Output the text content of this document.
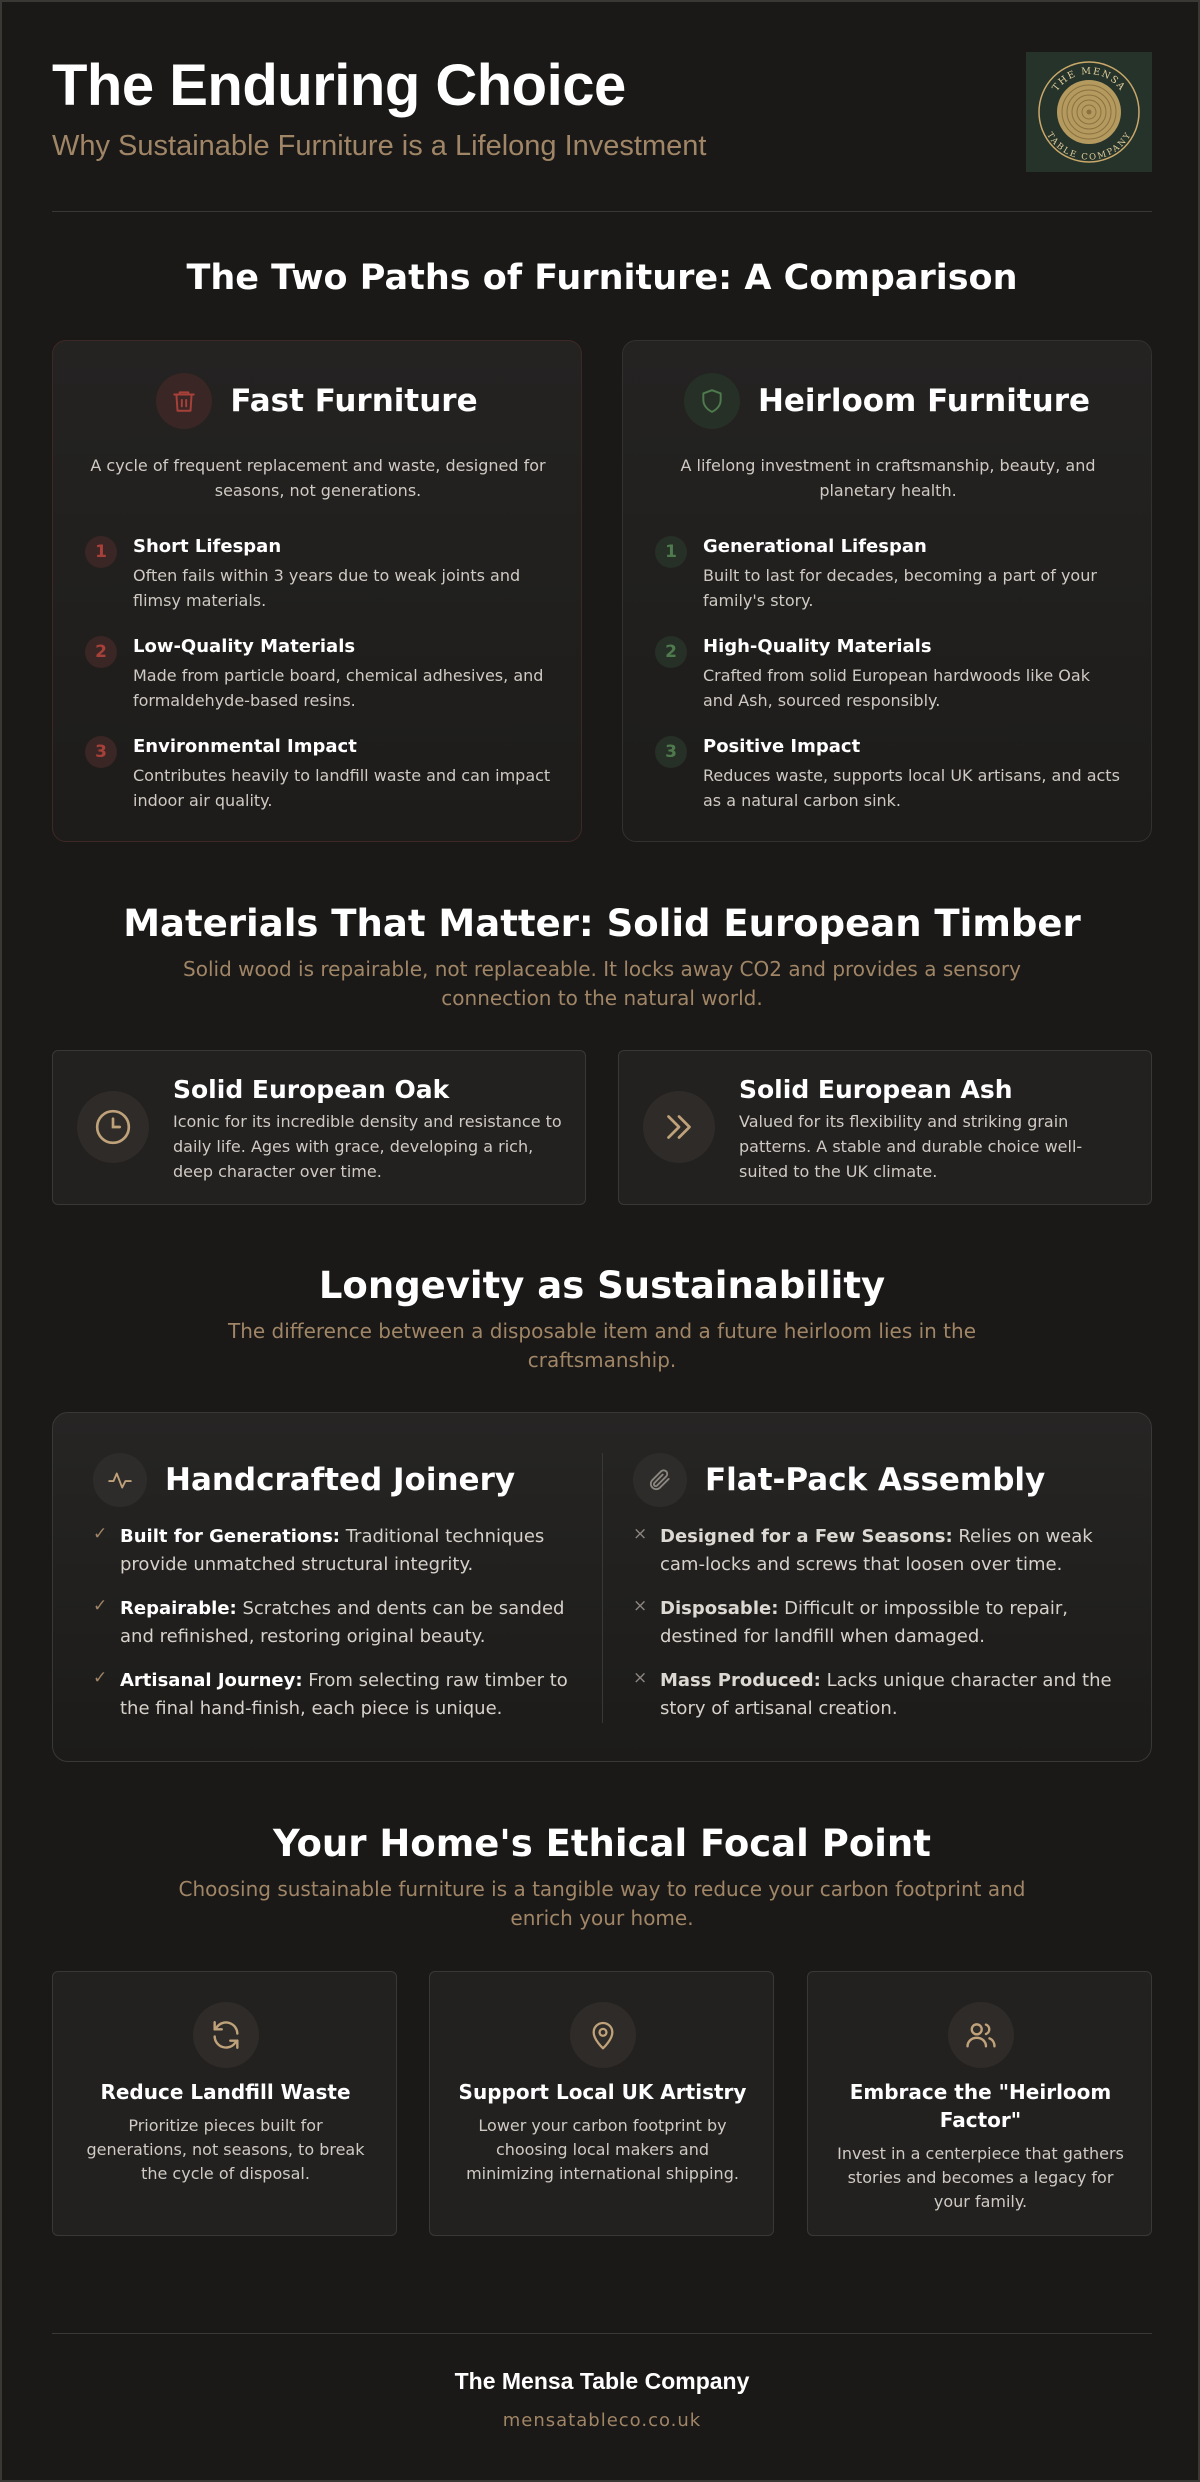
The Enduring Choice
Why Sustainable Furniture is a Lifelong Investment
THE MENSA
TABLE COMPANY
The Two Paths of Furniture: A Comparison
Fast Furniture

A cycle of frequent replacement and waste, designed for seasons, not generations.

1	Short Lifespan
Often fails within 3 years due to weak joints and flimsy materials.
2	Low-Quality Materials
Made from particle board, chemical adhesives, and formaldehyde-based resins.
3	Environmental Impact
Contributes heavily to landfill waste and can impact indoor air quality.
Heirloom Furniture

A lifelong investment in craftsmanship, beauty, and planetary health.

1	Generational Lifespan
Built to last for decades, becoming a part of your family's story.
2	High-Quality Materials
Crafted from solid European hardwoods like Oak and Ash, sourced responsibly.
3	Positive Impact
Reduces waste, supports local UK artisans, and acts as a natural carbon sink.
Materials That Matter: Solid European Timber

Solid wood is repairable, not replaceable. It locks away CO2 and provides a sensory connection to the natural world.

Solid European Oak
Iconic for its incredible density and resistance to daily life. Ages with grace, developing a rich, deep character over time.
Solid European Ash
Valued for its flexibility and striking grain patterns. A stable and durable choice well-suited to the UK climate.
Longevity as Sustainability

The difference between a disposable item and a future heirloom lies in the craftsmanship.

Handcrafted Joinery
✓ Built for Generations: Traditional techniques provide unmatched structural integrity.
✓ Repairable: Scratches and dents can be sanded and refinished, restoring original beauty.
✓ Artisanal Journey: From selecting raw timber to the final hand-finish, each piece is unique.
Flat-Pack Assembly
× Designed for a Few Seasons: Relies on weak cam-locks and screws that loosen over time.
× Disposable: Difficult or impossible to repair, destined for landfill when damaged.
× Mass Produced: Lacks unique character and the story of artisanal creation.
Your Home's Ethical Focal Point

Choosing sustainable furniture is a tangible way to reduce your carbon footprint and enrich your home.

Reduce Landfill Waste
Prioritize pieces built for generations, not seasons, to break the cycle of disposal.
Support Local UK Artistry
Lower your carbon footprint by choosing local makers and minimizing international shipping.
Embrace the "Heirloom Factor"
Invest in a centerpiece that gathers stories and becomes a legacy for your family.
The Mensa Table Company
mensatableco.co.uk
